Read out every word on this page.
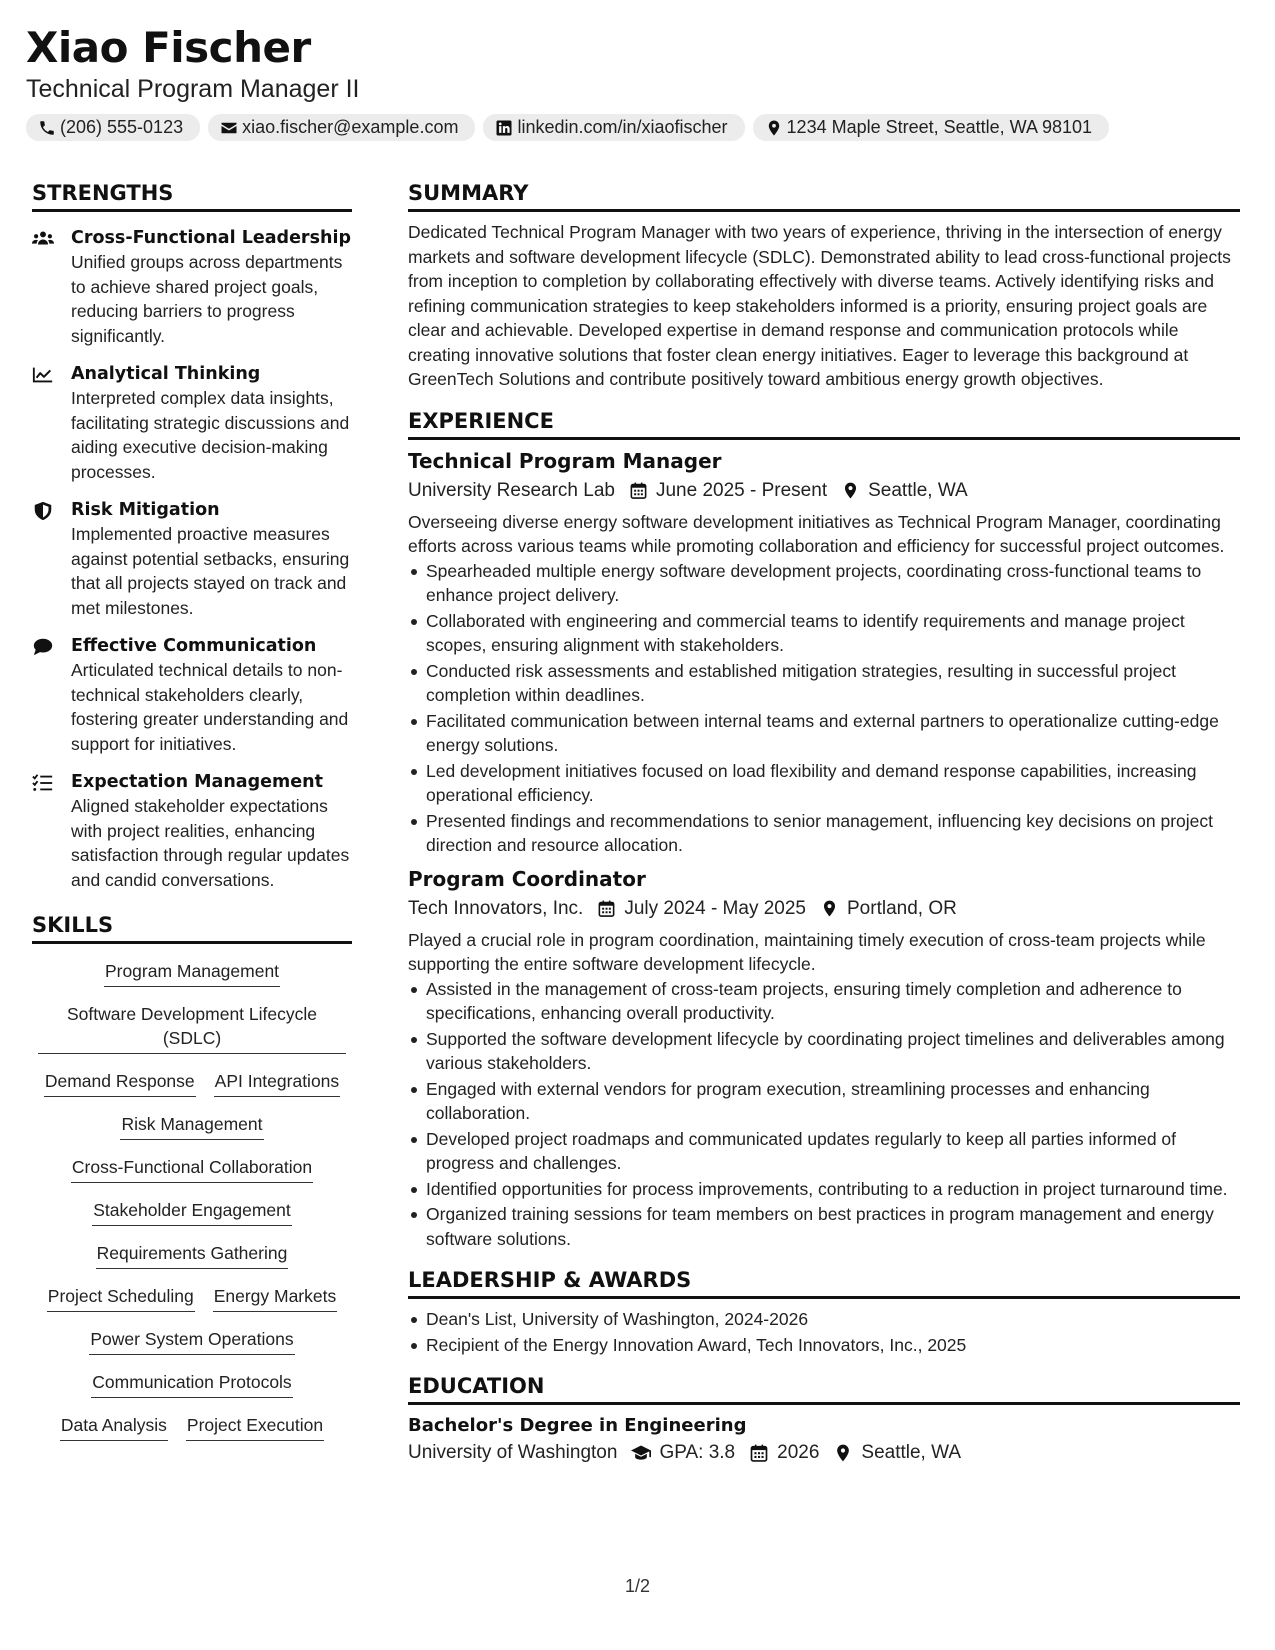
Xiao Fischer
Technical Program Manager II
(206) 555-0123	xiao.fischer@example.com	linkedin.com/in/xiaofischer	1234 Maple Street, Seattle, WA 98101
STRENGTHS
Cross-Functional Leadership
Unified groups across departments to achieve shared project goals, reducing barriers to progress significantly.
Analytical Thinking
Interpreted complex data insights, facilitating strategic discussions and aiding executive decision-making processes.
Risk Mitigation
Implemented proactive measures against potential setbacks, ensuring that all projects stayed on track and met milestones.
Effective Communication
Articulated technical details to non-technical stakeholders clearly, fostering greater understanding and support for initiatives.
Expectation Management
Aligned stakeholder expectations with project realities, enhancing satisfaction through regular updates and candid conversations.
SKILLS
Program Management
Software Development Lifecycle (SDLC)
Demand Response API Integrations
Risk Management
Cross-Functional Collaboration
Stakeholder Engagement
Requirements Gathering
Project Scheduling Energy Markets
Power System Operations
Communication Protocols
Data Analysis Project Execution
SUMMARY

Dedicated Technical Program Manager with two years of experience, thriving in the intersection of energy markets and software development lifecycle (SDLC). Demonstrated ability to lead cross-functional projects from inception to completion by collaborating effectively with diverse teams. Actively identifying risks and refining communication strategies to keep stakeholders informed is a priority, ensuring project goals are clear and achievable. Developed expertise in demand response and communication protocols while creating innovative solutions that foster clean energy initiatives. Eager to leverage this background at GreenTech Solutions and contribute positively toward ambitious energy growth objectives.

EXPERIENCE
Technical Program Manager
University Research Lab June 2025 - Present Seattle, WA
Overseeing diverse energy software development initiatives as Technical Program Manager, coordinating efforts across various teams while promoting collaboration and efficiency for successful project outcomes.
Spearheaded multiple energy software development projects, coordinating cross-functional teams to enhance project delivery.
Collaborated with engineering and commercial teams to identify requirements and manage project scopes, ensuring alignment with stakeholders.
Conducted risk assessments and established mitigation strategies, resulting in successful project completion within deadlines.
Facilitated communication between internal teams and external partners to operationalize cutting-edge energy solutions.
Led development initiatives focused on load flexibility and demand response capabilities, increasing operational efficiency.
Presented findings and recommendations to senior management, influencing key decisions on project direction and resource allocation.
Program Coordinator
Tech Innovators, Inc. July 2024 - May 2025 Portland, OR
Played a crucial role in program coordination, maintaining timely execution of cross-team projects while supporting the entire software development lifecycle.
Assisted in the management of cross-team projects, ensuring timely completion and adherence to specifications, enhancing overall productivity.
Supported the software development lifecycle by coordinating project timelines and deliverables among various stakeholders.
Engaged with external vendors for program execution, streamlining processes and enhancing collaboration.
Developed project roadmaps and communicated updates regularly to keep all parties informed of progress and challenges.
Identified opportunities for process improvements, contributing to a reduction in project turnaround time.
Organized training sessions for team members on best practices in program management and energy software solutions.
LEADERSHIP & AWARDS
Dean's List, University of Washington, 2024-2026
Recipient of the Energy Innovation Award, Tech Innovators, Inc., 2025
EDUCATION
Bachelor's Degree in Engineering
University of Washington GPA: 3.8 2026 Seattle, WA
1/2
